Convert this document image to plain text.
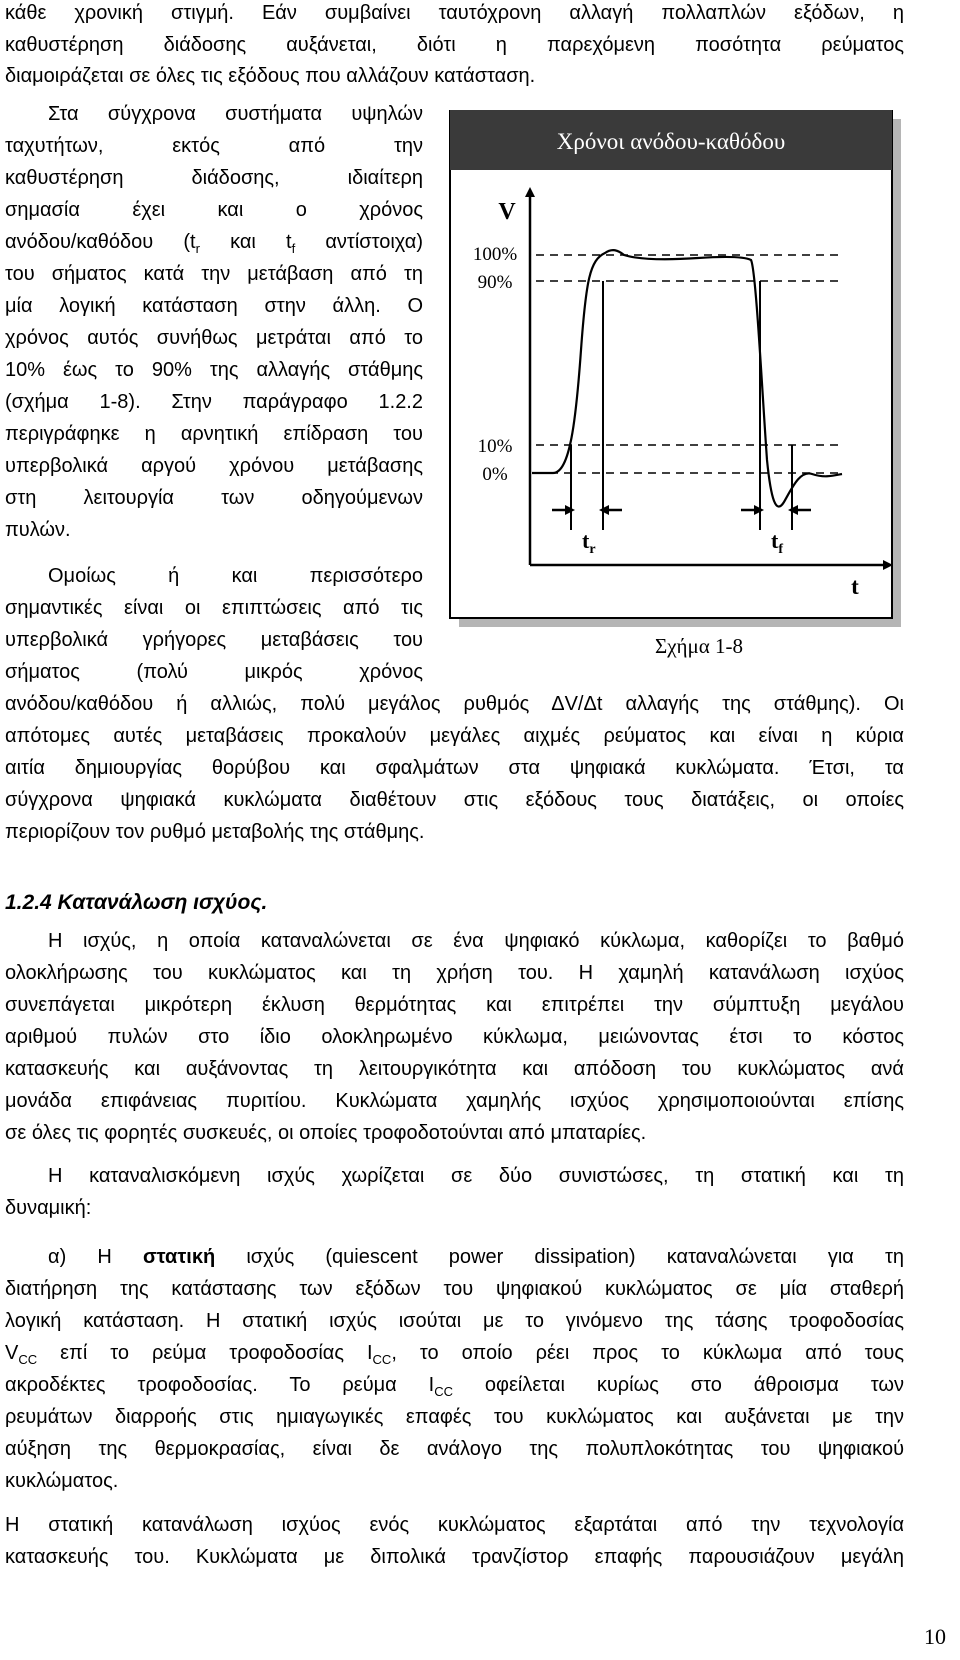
κάθε χρονική στιγμή. Εάν συμβαίνει ταυτόχρονη αλλαγή πολλαπλών εξόδων, η

καθυστέρηση διάδοσης αυξάνεται, διότι η παρεχόμενη ποσότητα ρεύματος

διαμοιράζεται σε όλες τις εξόδους που αλλάζουν κατάσταση.

Στα σύγχρονα συστήματα υψηλών

ταχυτήτων, εκτός από την

καθυστέρηση διάδοσης, ιδιαίτερη

σημασία έχει και ο χρόνος

ανόδου/καθόδου ($t_r$ και $t_f$ αντίστοιχα)

του σήματος κατά την μετάβαση από τη

μία λογική κατάσταση στην άλλη. Ο

χρόνος αυτός συνήθως μετράται από το

10% έως το 90% της αλλαγής στάθμης

(σχήμα 1-8). Στην παράγραφο 1.2.2

περιγράφηκε η αρνητική επίδραση του

υπερβολικά αργού χρόνου μετάβασης

στη λειτουργία των οδηγούμενων

πυλών.

Ομοίως ή και περισσότερο

σημαντικές είναι οι επιπτώσεις από τις

υπερβολικά γρήγορες μεταβάσεις του

σήματος (πολύ μικρός χρόνος

Χρόνοι ανόδου-καθόδου
V
t
100%
90%
10%
0%
$t_r$	$t_f$
Σχήμα 1-8

ανόδου/καθόδου ή αλλιώς, πολύ μεγάλος ρυθμός ΔV/Δt αλλαγής της στάθμης). Οι

απότομες αυτές μεταβάσεις προκαλούν μεγάλες αιχμές ρεύματος και είναι η κύρια

αιτία δημιουργίας θορύβου και σφαλμάτων στα ψηφιακά κυκλώματα. Έτσι, τα

σύγχρονα ψηφιακά κυκλώματα διαθέτουν στις εξόδους τους διατάξεις, οι οποίες

περιορίζουν τον ρυθμό μεταβολής της στάθμης.

1.2.4 Κατανάλωση ισχύος.

Η ισχύς, η οποία καταναλώνεται σε ένα ψηφιακό κύκλωμα, καθορίζει το βαθμό

ολοκλήρωσης του κυκλώματος και τη χρήση του. Η χαμηλή κατανάλωση ισχύος

συνεπάγεται μικρότερη έκλυση θερμότητας και επιτρέπει την σύμπτυξη μεγάλου

αριθμού πυλών στο ίδιο ολοκληρωμένο κύκλωμα, μειώνοντας έτσι το κόστος

κατασκευής και αυξάνοντας τη λειτουργικότητα και απόδοση του κυκλώματος ανά

μονάδα επιφάνειας πυριτίου. Κυκλώματα χαμηλής ισχύος χρησιμοποιούνται επίσης

σε όλες τις φορητές συσκευές, οι οποίες τροφοδοτούνται από μπαταρίες.

Η καταναλισκόμενη ισχύς χωρίζεται σε δύο συνιστώσες, τη στατική και τη

δυναμική:

α) Η στατική ισχύς (quiescent power dissipation) καταναλώνεται για τη

διατήρηση της κατάστασης των εξόδων του ψηφιακού κυκλώματος σε μία σταθερή

λογική κατάσταση. Η στατική ισχύς ισούται με το γινόμενο της τάσης τροφοδοσίας

$V_{CC}$ επί το ρεύμα τροφοδοσίας $I_{CC}$, το οποίο ρέει προς το κύκλωμα από τους

ακροδέκτες τροφοδοσίας. Το ρεύμα $I_{CC}$ οφείλεται κυρίως στο άθροισμα των

ρευμάτων διαρροής στις ημιαγωγικές επαφές του κυκλώματος και αυξάνεται με την

αύξηση της θερμοκρασίας, είναι δε ανάλογο της πολυπλοκότητας του ψηφιακού

κυκλώματος.

Η στατική κατανάλωση ισχύος ενός κυκλώματος εξαρτάται από την τεχνολογία

κατασκευής του. Κυκλώματα με διπολικά τρανζίστορ επαφής παρουσιάζουν μεγάλη

10
